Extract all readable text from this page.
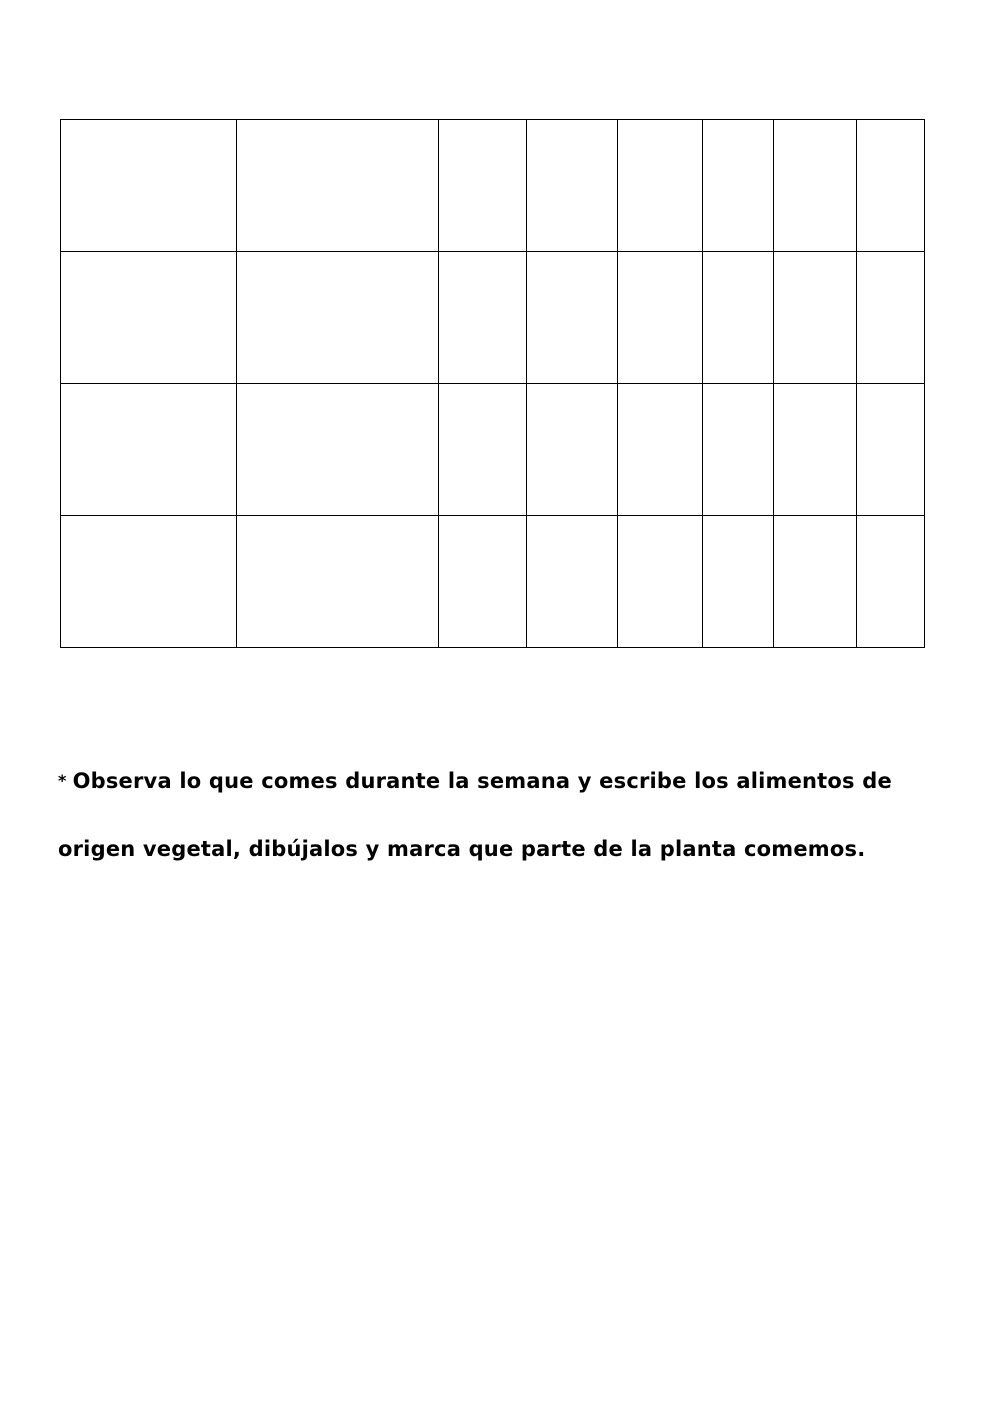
* Observa lo que comes durante la semana y escribe los alimentos de
origen vegetal, dibújalos y marca que parte de la planta comemos.
